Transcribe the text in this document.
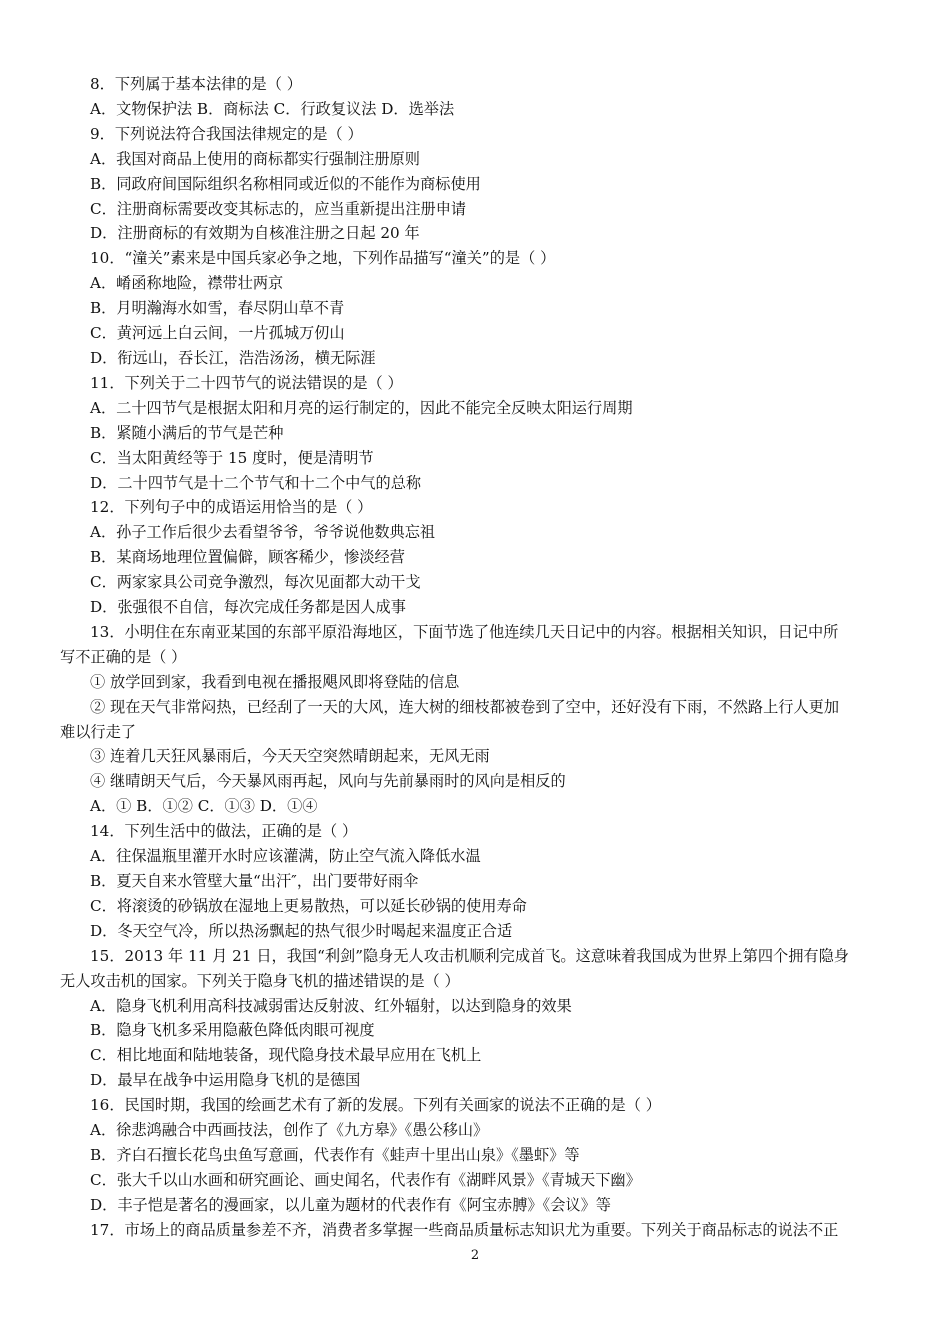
8．下列属于基本法律的是（ ）
A．文物保护法 B．商标法 C．行政复议法 D．选举法
9．下列说法符合我国法律规定的是（ ）
A．我国对商品上使用的商标都实行强制注册原则
B．同政府间国际组织名称相同或近似的不能作为商标使用
C．注册商标需要改变其标志的，应当重新提出注册申请
D．注册商标的有效期为自核准注册之日起 20 年
10．“潼关”素来是中国兵家必争之地，下列作品描写“潼关”的是（ ）
A．崤函称地险，襟带壮两京
B．月明瀚海水如雪，春尽阴山草不青
C．黄河远上白云间，一片孤城万仞山
D．衔远山，吞长江，浩浩汤汤，横无际涯
11．下列关于二十四节气的说法错误的是（ ）
A．二十四节气是根据太阳和月亮的运行制定的，因此不能完全反映太阳运行周期
B．紧随小满后的节气是芒种
C．当太阳黄经等于 15 度时，便是清明节
D．二十四节气是十二个节气和十二个中气的总称
12．下列句子中的成语运用恰当的是（ ）
A．孙子工作后很少去看望爷爷，爷爷说他数典忘祖
B．某商场地理位置偏僻，顾客稀少，惨淡经营
C．两家家具公司竞争激烈，每次见面都大动干戈
D．张强很不自信，每次完成任务都是因人成事
13．小明住在东南亚某国的东部平原沿海地区，下面节选了他连续几天日记中的内容。根据相关知识，日记中所
写不正确的是（ ）
① 放学回到家，我看到电视在播报飓风即将登陆的信息
② 现在天气非常闷热，已经刮了一天的大风，连大树的细枝都被卷到了空中，还好没有下雨，不然路上行人更加
难以行走了
③ 连着几天狂风暴雨后，今天天空突然晴朗起来，无风无雨
④ 继晴朗天气后，今天暴风雨再起，风向与先前暴雨时的风向是相反的
A．① B．①② C．①③ D．①④
14．下列生活中的做法，正确的是（ ）
A．往保温瓶里灌开水时应该灌满，防止空气流入降低水温
B．夏天自来水管壁大量“出汗″，出门要带好雨伞
C．将滚烫的砂锅放在湿地上更易散热，可以延长砂锅的使用寿命
D．冬天空气冷，所以热汤飘起的热气很少时喝起来温度正合适
15．2013 年 11 月 21 日，我国“利剑”隐身无人攻击机顺利完成首飞。这意味着我国成为世界上第四个拥有隐身
无人攻击机的国家。下列关于隐身飞机的描述错误的是（ ）
A．隐身飞机利用高科技减弱雷达反射波、红外辐射，以达到隐身的效果
B．隐身飞机多采用隐蔽色降低肉眼可视度
C．相比地面和陆地装备，现代隐身技术最早应用在飞机上
D．最早在战争中运用隐身飞机的是德国
16．民国时期，我国的绘画艺术有了新的发展。下列有关画家的说法不正确的是（ ）
A．徐悲鸿融合中西画技法，创作了《九方皋》《愚公移山》
B．齐白石擅长花鸟虫鱼写意画，代表作有《蛙声十里出山泉》《墨虾》等
C．张大千以山水画和研究画论、画史闻名，代表作有《湖畔风景》《青城天下幽》
D．丰子恺是著名的漫画家，以儿童为题材的代表作有《阿宝赤膊》《会议》等
17．市场上的商品质量参差不齐，消费者多掌握一些商品质量标志知识尤为重要。下列关于商品标志的说法不正
2
